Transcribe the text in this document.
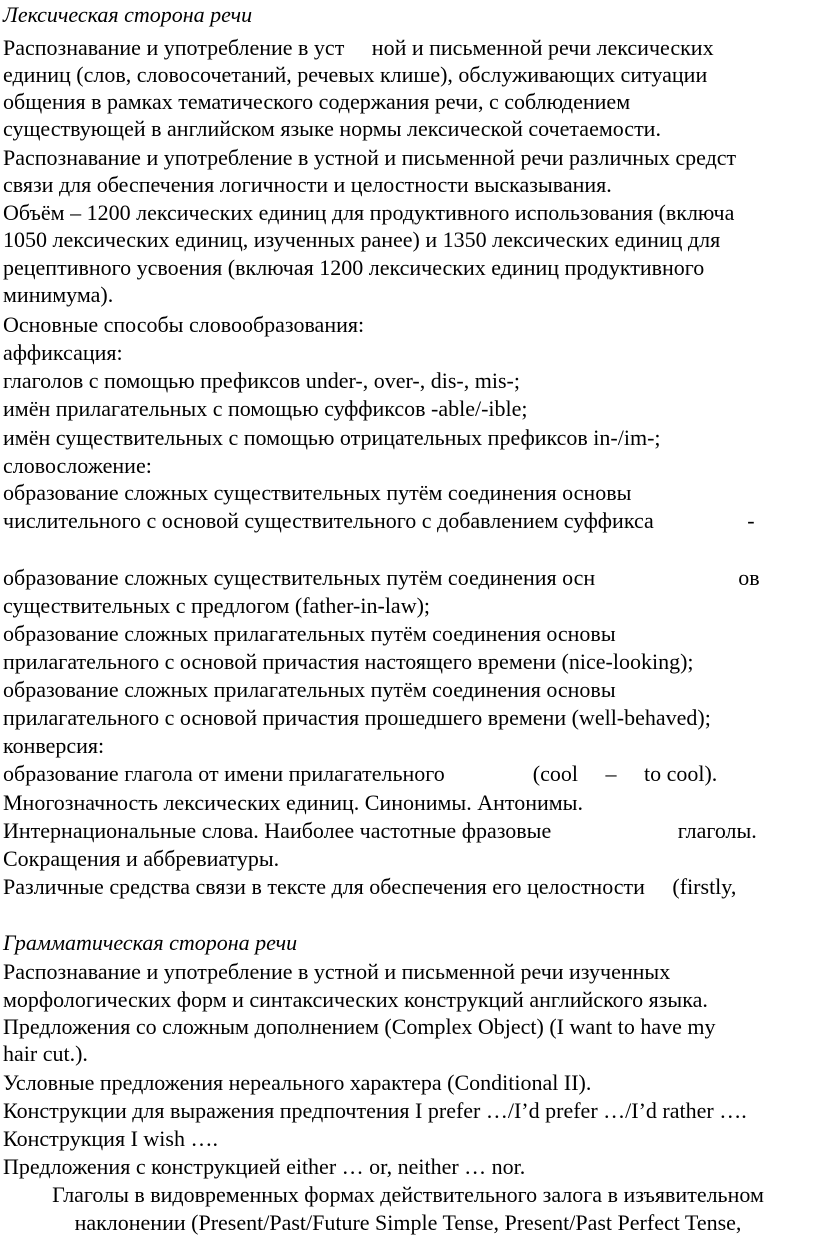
Лексическая сторона речи
Распознавание и употребление в уст     ной и письменной речи лексических
единиц (слов, словосочетаний, речевых клише), обслуживающих ситуации
общения в рамках тематического содержания речи, с соблюдением
существующей в английском языке нормы лексической сочетаемости.
Распознавание и употребление в устной и письменной речи различных средст
связи для обеспечения логичности и целостности высказывания.
Объём – 1200 лексических единиц для продуктивного использования (включа
1050 лексических единиц, изученных ранее) и 1350 лексических единиц для
рецептивного усвоения (включая 1200 лексических единиц продуктивного
минимума).
Основные способы словообразования:
аффиксация:
глаголов с помощью префиксов under-, over-, dis-, mis-;
имён прилагательных с помощью суффиксов -able/-ible;
имён существительных с помощью отрицательных префиксов in-/im-;
словосложение:
образование сложных существительных путём соединения основы
числительного с основой существительного с добавлением суффикса                 -
образование сложных существительных путём соединения осн                          ов
существительных с предлогом (father-in-law);
образование сложных прилагательных путём соединения основы
прилагательного с основой причастия настоящего времени (nice-looking);
образование сложных прилагательных путём соединения основы
прилагательного с основой причастия прошедшего времени (well-behaved);
конверсия:
образование глагола от имени прилагательного                (cool     –     to cool).
Многозначность лексических единиц. Синонимы. Антонимы.
Интернациональные слова. Наиболее частотные фразовые                       глаголы.
Сокращения и аббревиатуры.
Различные средства связи в тексте для обеспечения его целостности     (firstly,
Грамматическая сторона речи
Распознавание и употребление в устной и письменной речи изученных
морфологических форм и синтаксических конструкций английского языка.
Предложения со сложным дополнением (Complex Object) (I want to have my
hair cut.).
Условные предложения нереального характера (Conditional II).
Конструкции для выражения предпочтения I prefer …/I’d prefer …/I’d rather ….
Конструкция I wish ….
Предложения с конструкцией either … or, neither … nor.
Глаголы в видовременных формах действительного залога в изъявительном
наклонении (Present/Past/Future Simple Tense, Present/Past Perfect Tense,
